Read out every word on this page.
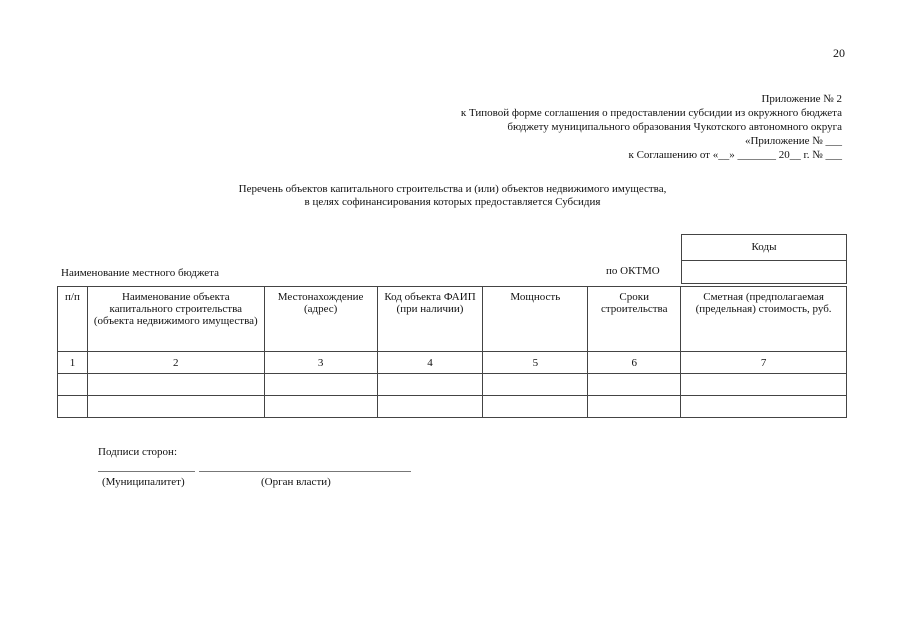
20
Приложение № 2
к Типовой форме соглашения о предоставлении субсидии из окружного бюджета
бюджету муниципального образования Чукотского автономного округа
«Приложение № ___
к Соглашению от «__» _______ 20__ г. № ___
Перечень объектов капитального строительства и (или) объектов недвижимого имущества,
в целях софинансирования которых предоставляется Субсидия
Наименование местного бюджета	по ОКТМО
Коды
п/п	Наименование объекта капитального строительства (объекта недвижимого имущества)	Местонахождение (адрес)	Код объекта ФАИП (при наличии)	Мощность	Сроки строительства	Сметная (предполагаемая (предельная) стоимость, руб.
1	2	3	4	5	6	7

Подписи сторон:
(Муниципалитет)	(Орган власти)
